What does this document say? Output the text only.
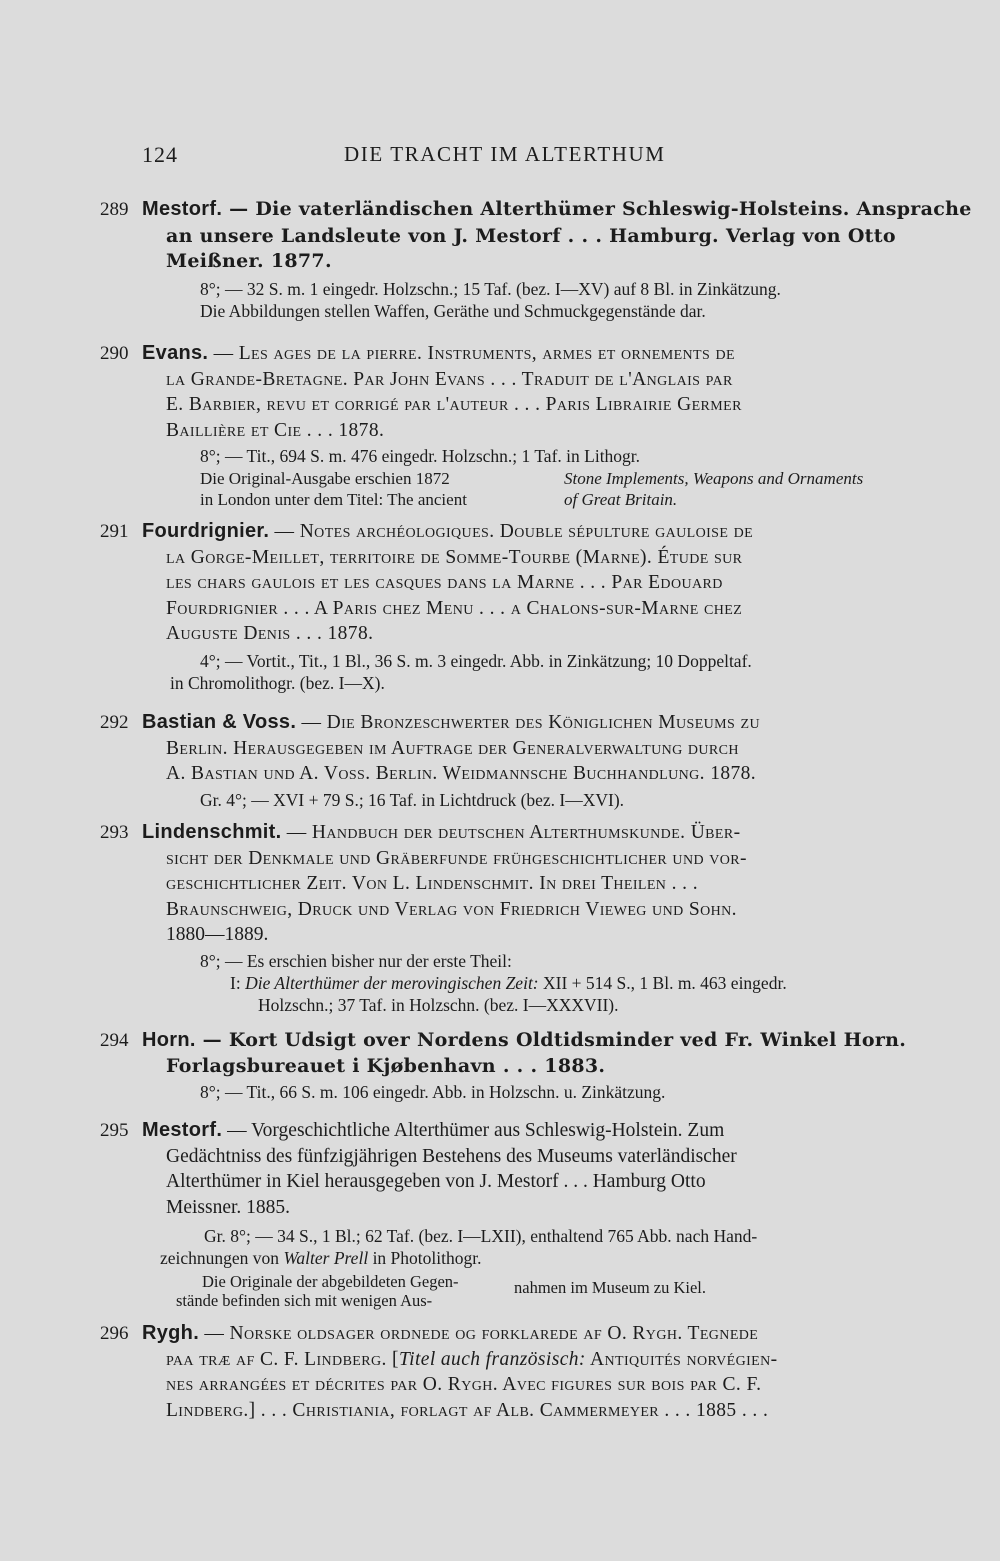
124	DIE TRACHT IM ALTERTHUM
289 Mestorf. — Die vaterländischen Alterthümer Schleswig-Holsteins. Ansprache
an unsere Landsleute von J. Mestorf . . . Hamburg. Verlag von Otto
Meißner. 1877.
8°; — 32 S. m. 1 eingedr. Holzschn.; 15 Taf. (bez. I—XV) auf 8 Bl. in Zinkätzung.
Die Abbildungen stellen Waffen, Geräthe und Schmuckgegenstände dar.
290 Evans. — Les ages de la pierre. Instruments, armes et ornements de
la Grande-Bretagne. Par John Evans . . . Traduit de l'Anglais par
E. Barbier, revu et corrigé par l'auteur . . . Paris Librairie Germer
Baillière et Cie . . . 1878.
8°; — Tit., 694 S. m. 476 eingedr. Holzschn.; 1 Taf. in Lithogr.
Die Original-Ausgabe erschien 1872
in London unter dem Titel: The ancient
Stone Implements, Weapons and Ornaments
of Great Britain.
291 Fourdrignier. — Notes archéologiques. Double sépulture gauloise de
la Gorge-Meillet, territoire de Somme-Tourbe (Marne). Étude sur
les chars gaulois et les casques dans la Marne . . . Par Edouard
Fourdrignier . . . A Paris chez Menu . . . a Chalons-sur-Marne chez
Auguste Denis . . . 1878.
4°; — Vortit., Tit., 1 Bl., 36 S. m. 3 eingedr. Abb. in Zinkätzung; 10 Doppeltaf.
in Chromolithogr. (bez. I—X).
292 Bastian & Voss. — Die Bronzeschwerter des Königlichen Museums zu
Berlin. Herausgegeben im Auftrage der Generalverwaltung durch
A. Bastian und A. Voss. Berlin. Weidmannsche Buchhandlung. 1878.
Gr. 4°; — XVI + 79 S.; 16 Taf. in Lichtdruck (bez. I—XVI).
293 Lindenschmit. — Handbuch der deutschen Alterthumskunde. Über-
sicht der Denkmale und Gräberfunde frühgeschichtlicher und vor-
geschichtlicher Zeit. Von L. Lindenschmit. In drei Theilen . . .
Braunschweig, Druck und Verlag von Friedrich Vieweg und Sohn.
1880—1889.
8°; — Es erschien bisher nur der erste Theil:
I: Die Alterthümer der merovingischen Zeit: XII + 514 S., 1 Bl. m. 463 eingedr.
Holzschn.; 37 Taf. in Holzschn. (bez. I—XXXVII).
294 Horn. — Kort Udsigt over Nordens Oldtidsminder ved Fr. Winkel Horn.
Forlagsbureauet i Kjøbenhavn . . . 1883.
8°; — Tit., 66 S. m. 106 eingedr. Abb. in Holzschn. u. Zinkätzung.
295 Mestorf. — Vorgeschichtliche Alterthümer aus Schleswig-Holstein. Zum
Gedächtniss des fünfzigjährigen Bestehens des Museums vaterländischer
Alterthümer in Kiel herausgegeben von J. Mestorf . . . Hamburg Otto
Meissner. 1885.
Gr. 8°; — 34 S., 1 Bl.; 62 Taf. (bez. I—LXII), enthaltend 765 Abb. nach Hand-
zeichnungen von Walter Prell in Photolithogr.
Die Originale der abgebildeten Gegen-
stände befinden sich mit wenigen Aus-
nahmen im Museum zu Kiel.
296 Rygh. — Norske oldsager ordnede og forklarede af O. Rygh. Tegnede
paa træ af C. F. Lindberg. [Titel auch französisch: Antiquités norvégien-
nes arrangées et décrites par O. Rygh. Avec figures sur bois par C. F.
Lindberg.] . . . Christiania, forlagt af Alb. Cammermeyer . . . 1885 . . .
